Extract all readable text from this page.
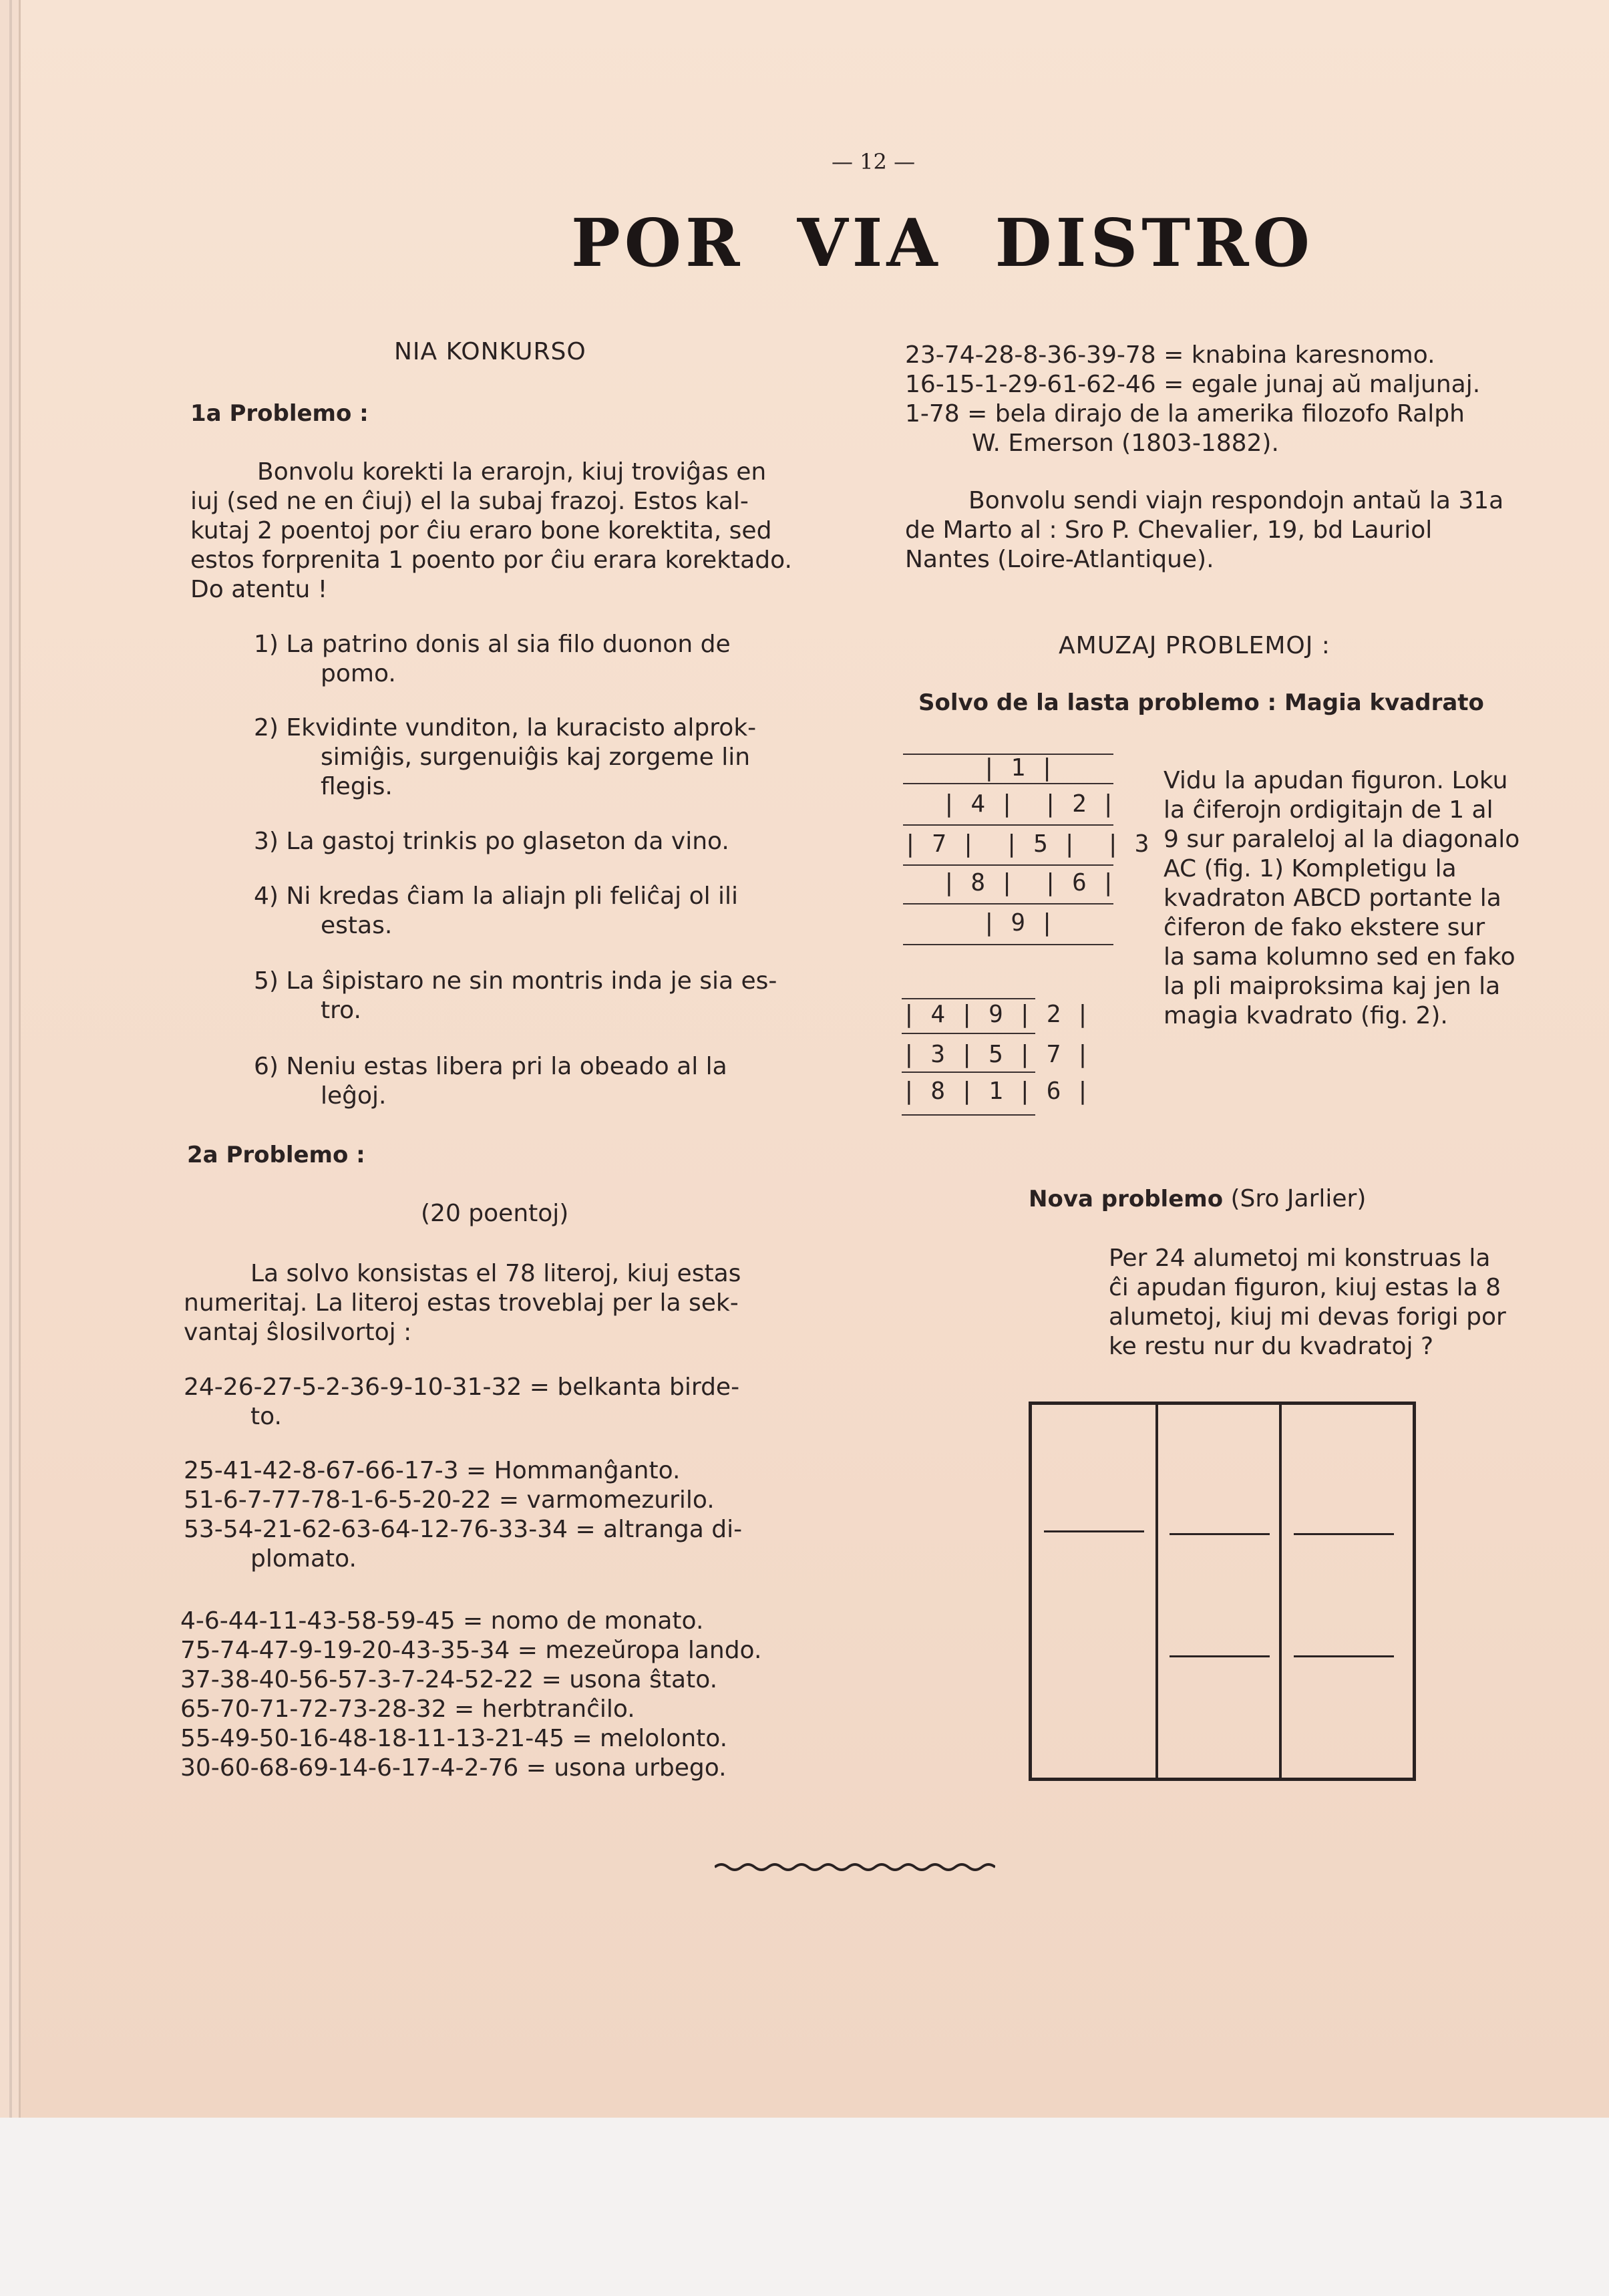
— 12 —
POR VIA DISTRO
NIA KONKURSO
1a Problemo :
Bonvolu korekti la erarojn, kiuj troviĝas en
iuj (sed ne en ĉiuj) el la subaj frazoj. Estos kal-
kutaj 2 poentoj por ĉiu eraro bone korektita, sed
estos forprenita 1 poento por ĉiu erara korektado.
Do atentu !
1) La patrino donis al sia filo duonon de
pomo.
2) Ekvidinte vunditon, la kuracisto alprok-
simiĝis, surgenuiĝis kaj zorgeme lin
flegis.
3) La gastoj trinkis po glaseton da vino.
4) Ni kredas ĉiam la aliajn pli feliĉaj ol ili
estas.
5) La ŝipistaro ne sin montris inda je sia es-
tro.
6) Neniu estas libera pri la obeado al la
leĝoj.
2a Problemo :
(20 poentoj)
La solvo konsistas el 78 literoj, kiuj estas
numeritaj. La literoj estas troveblaj per la sek-
vantaj ŝlosilvortoj :
24-26-27-5-2-36-9-10-31-32 = belkanta birde-
to.
25-41-42-8-67-66-17-3 = Hommanĝanto.
51-6-7-77-78-1-6-5-20-22 = varmomezurilo.
53-54-21-62-63-64-12-76-33-34 = altranga di-
plomato.
4-6-44-11-43-58-59-45 = nomo de monato.
75-74-47-9-19-20-43-35-34 = mezeŭropa lando.
37-38-40-56-57-3-7-24-52-22 = usona ŝtato.
65-70-71-72-73-28-32 = herbtranĉilo.
55-49-50-16-48-18-11-13-21-45 = melolonto.
30-60-68-69-14-6-17-4-2-76 = usona urbego.
23-74-28-8-36-39-78 = knabina karesnomo.
16-15-1-29-61-62-46 = egale junaj aŭ maljunaj.
1-78 = bela dirajo de la amerika filozofo Ralph
W. Emerson (1803-1882).
Bonvolu sendi viajn respondojn antaŭ la 31a
de Marto al : Sro P. Chevalier, 19, bd Lauriol
Nantes (Loire-Atlantique).
AMUZAJ PROBLEMOJ :
Solvo de la lasta problemo : Magia kvadrato
| 1 |
| 4 |  | 2 |
| 7 |  | 5 |  | 3
| 8 |  | 6 |
| 9 |
Vidu la apudan figuron. Loku
la ĉiferojn ordigitajn de 1 al
9 sur paraleloj al la diagonalo
AC (fig. 1) Kompletigu la
kvadraton ABCD portante la
ĉiferon de fako ekstere sur
la sama kolumno sed en fako
la pli maiproksima kaj jen la
magia kvadrato (fig. 2).
| 4 | 9 | 2 |
| 3 | 5 | 7 |
| 8 | 1 | 6 |
Nova problemo (Sro Jarlier)
Per 24 alumetoj mi konstruas la
ĉi apudan figuron, kiuj estas la 8
alumetoj, kiuj mi devas forigi por
ke restu nur du kvadratoj ?
